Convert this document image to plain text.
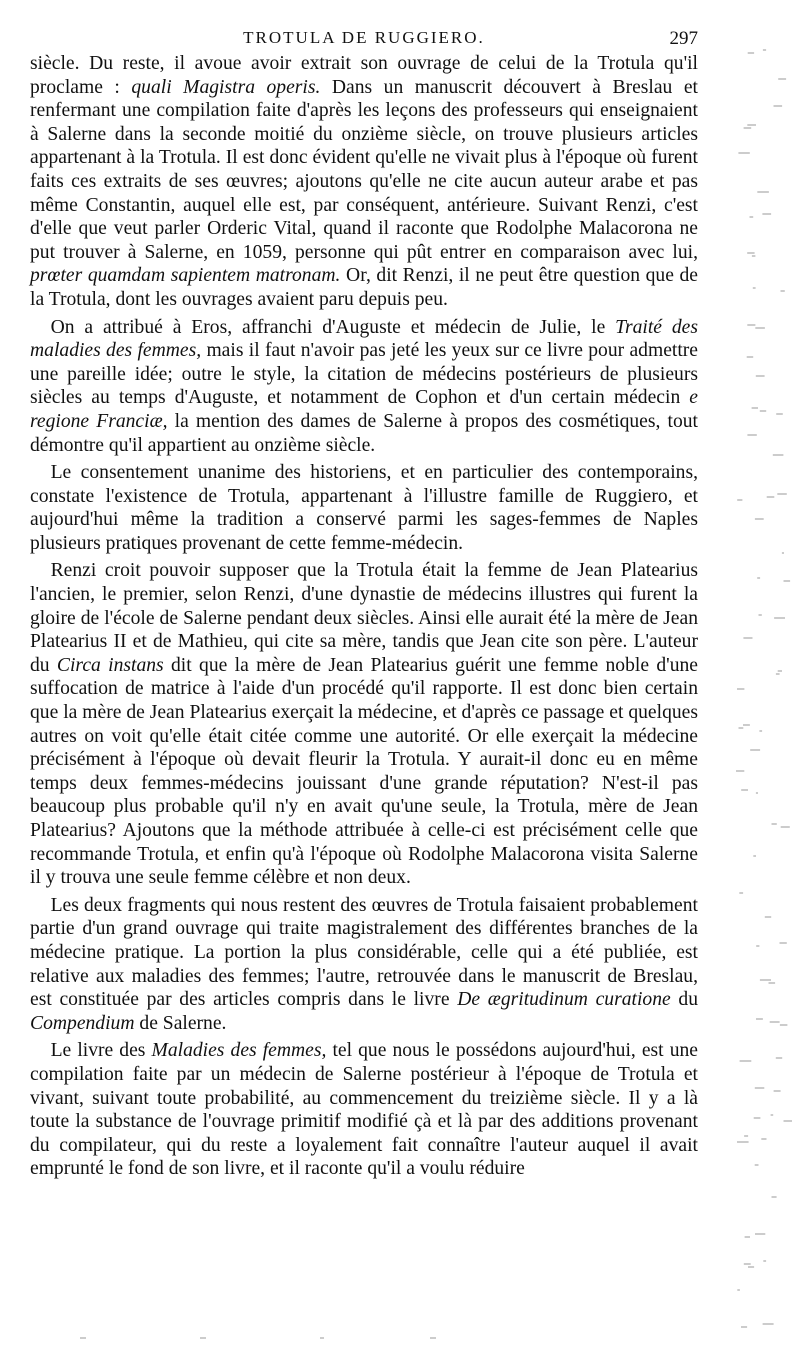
TROTULA DE RUGGIERO.	297

siècle. Du reste, il avoue avoir extrait son ouvrage de celui de la Trotula qu'il proclame : quali Magistra operis. Dans un manuscrit découvert à Breslau et renfermant une compilation faite d'après les leçons des professeurs qui enseignaient à Salerne dans la seconde moitié du onzième siècle, on trouve plusieurs articles appartenant à la Trotula. Il est donc évident qu'elle ne vivait plus à l'époque où furent faits ces extraits de ses œuvres; ajoutons qu'elle ne cite aucun auteur arabe et pas même Constantin, auquel elle est, par conséquent, antérieure. Suivant Renzi, c'est d'elle que veut parler Orderic Vital, quand il raconte que Rodolphe Malacorona ne put trouver à Salerne, en 1059, personne qui pût entrer en comparaison avec lui, prœter quamdam sapientem matronam. Or, dit Renzi, il ne peut être question que de la Trotula, dont les ouvrages avaient paru depuis peu.

On a attribué à Eros, affranchi d'Auguste et médecin de Julie, le Traité des maladies des femmes, mais il faut n'avoir pas jeté les yeux sur ce livre pour admettre une pareille idée; outre le style, la citation de médecins postérieurs de plusieurs siècles au temps d'Auguste, et notamment de Cophon et d'un certain médecin e regione Franciæ, la mention des dames de Salerne à propos des cosmétiques, tout démontre qu'il appartient au onzième siècle.

Le consentement unanime des historiens, et en particulier des contemporains, constate l'existence de Trotula, appartenant à l'illustre famille de Ruggiero, et aujourd'hui même la tradition a conservé parmi les sages-femmes de Naples plusieurs pratiques provenant de cette femme-médecin.

Renzi croit pouvoir supposer que la Trotula était la femme de Jean Platearius l'ancien, le premier, selon Renzi, d'une dynastie de médecins illustres qui furent la gloire de l'école de Salerne pendant deux siècles. Ainsi elle aurait été la mère de Jean Platearius II et de Mathieu, qui cite sa mère, tandis que Jean cite son père. L'auteur du Circa instans dit que la mère de Jean Platearius guérit une femme noble d'une suffocation de matrice à l'aide d'un procédé qu'il rapporte. Il est donc bien certain que la mère de Jean Platearius exerçait la médecine, et d'après ce passage et quelques autres on voit qu'elle était citée comme une autorité. Or elle exerçait la médecine précisément à l'époque où devait fleurir la Trotula. Y aurait-il donc eu en même temps deux femmes-médecins jouissant d'une grande réputation? N'est-il pas beaucoup plus probable qu'il n'y en avait qu'une seule, la Trotula, mère de Jean Platearius? Ajoutons que la méthode attribuée à celle-ci est précisément celle que recommande Trotula, et enfin qu'à l'époque où Rodolphe Malacorona visita Salerne il y trouva une seule femme célèbre et non deux.

Les deux fragments qui nous restent des œuvres de Trotula faisaient probablement partie d'un grand ouvrage qui traite magistralement des différentes branches de la médecine pratique. La portion la plus considérable, celle qui a été publiée, est relative aux maladies des femmes; l'autre, retrouvée dans le manuscrit de Breslau, est constituée par des articles compris dans le livre De ægritudinum curatione du Compendium de Salerne.

Le livre des Maladies des femmes, tel que nous le possédons aujourd'hui, est une compilation faite par un médecin de Salerne postérieur à l'époque de Trotula et vivant, suivant toute probabilité, au commencement du treizième siècle. Il y a là toute la substance de l'ouvrage primitif modifié çà et là par des additions provenant du compilateur, qui du reste a loyalement fait connaître l'auteur auquel il avait emprunté le fond de son livre, et il raconte qu'il a voulu réduire
